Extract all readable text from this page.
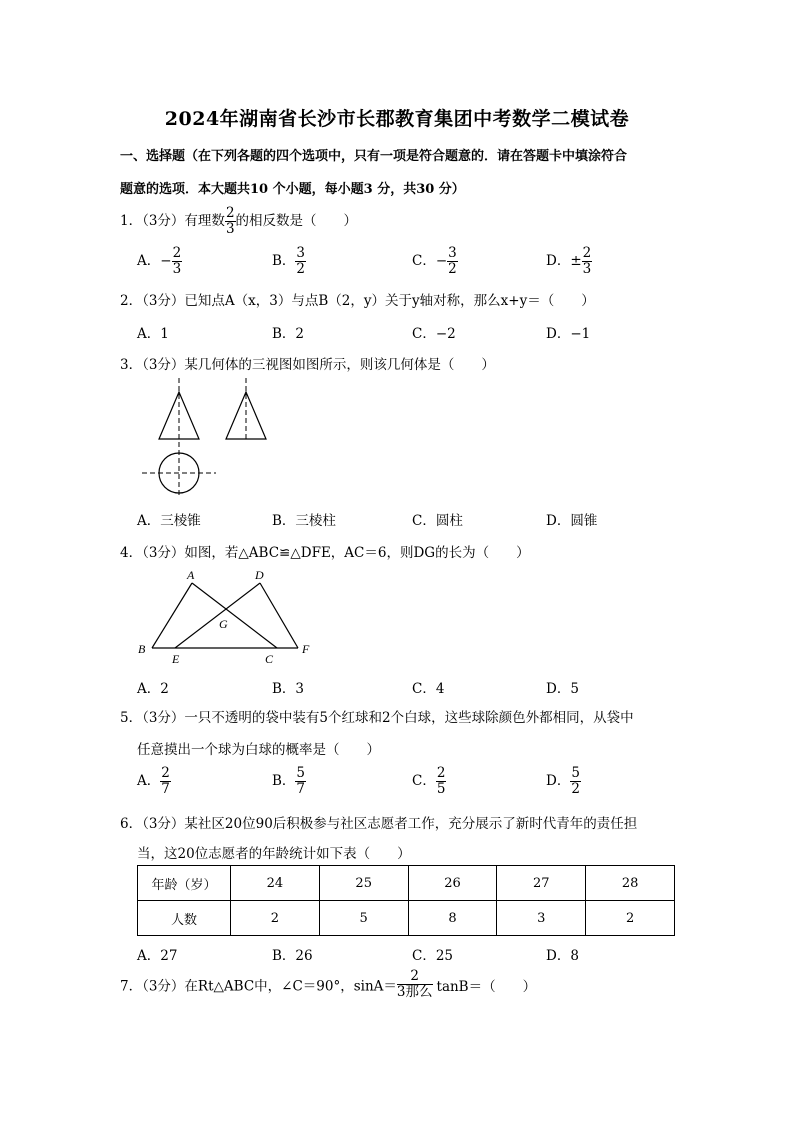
2024年湖南省长沙市长郡教育集团中考数学二模试卷
一、选择题（在下列各题的四个选项中，只有一项是符合题意的．请在答题卡中填涂符合
题意的选项．本大题共10 个小题，每小题3 分，共30 分）
1．（3分）有理数 $\frac{2}{3}$ 的相反数是（　　）
A．− $\frac{2}{3}$	B． $\frac{3}{2}$	C．− $\frac{3}{2}$	D．± $\frac{2}{3}$
2．（3分）已知点A（x，3）与点B（2，y）关于y轴对称，那么x+y＝（　　）
A．1	B．2	C．−2	D．−1
3．（3分）某几何体的三视图如图所示，则该几何体是（　　）
A．三棱锥	B．三棱柱	C．圆柱	D．圆锥
4．（3分）如图，若△ABC≌△DFE，AC＝6，则DG的长为（　　）
A	D
G
B
E	C
F
A．2	B．3	C．4	D．5
5．（3分）一只不透明的袋中装有5个红球和2个白球，这些球除颜色外都相同，从袋中
任意摸出一个球为白球的概率是（　　）
A． $\frac{2}{7}$	B． $\frac{5}{7}$	C． $\frac{2}{5}$	D． $\frac{5}{2}$
6．（3分）某社区20位90后积极参与社区志愿者工作，充分展示了新时代青年的责任担
当，这20位志愿者的年龄统计如下表（　　）
年龄（岁）	24	25	26	27	28
人数	2	5	8	3	2
A．27	B．26	C．25	D．8
7．（3分）在Rt△ABC中，∠C＝90°，$\sin A= \frac{2}{\text{3那么}} \tan B=$（　　）
